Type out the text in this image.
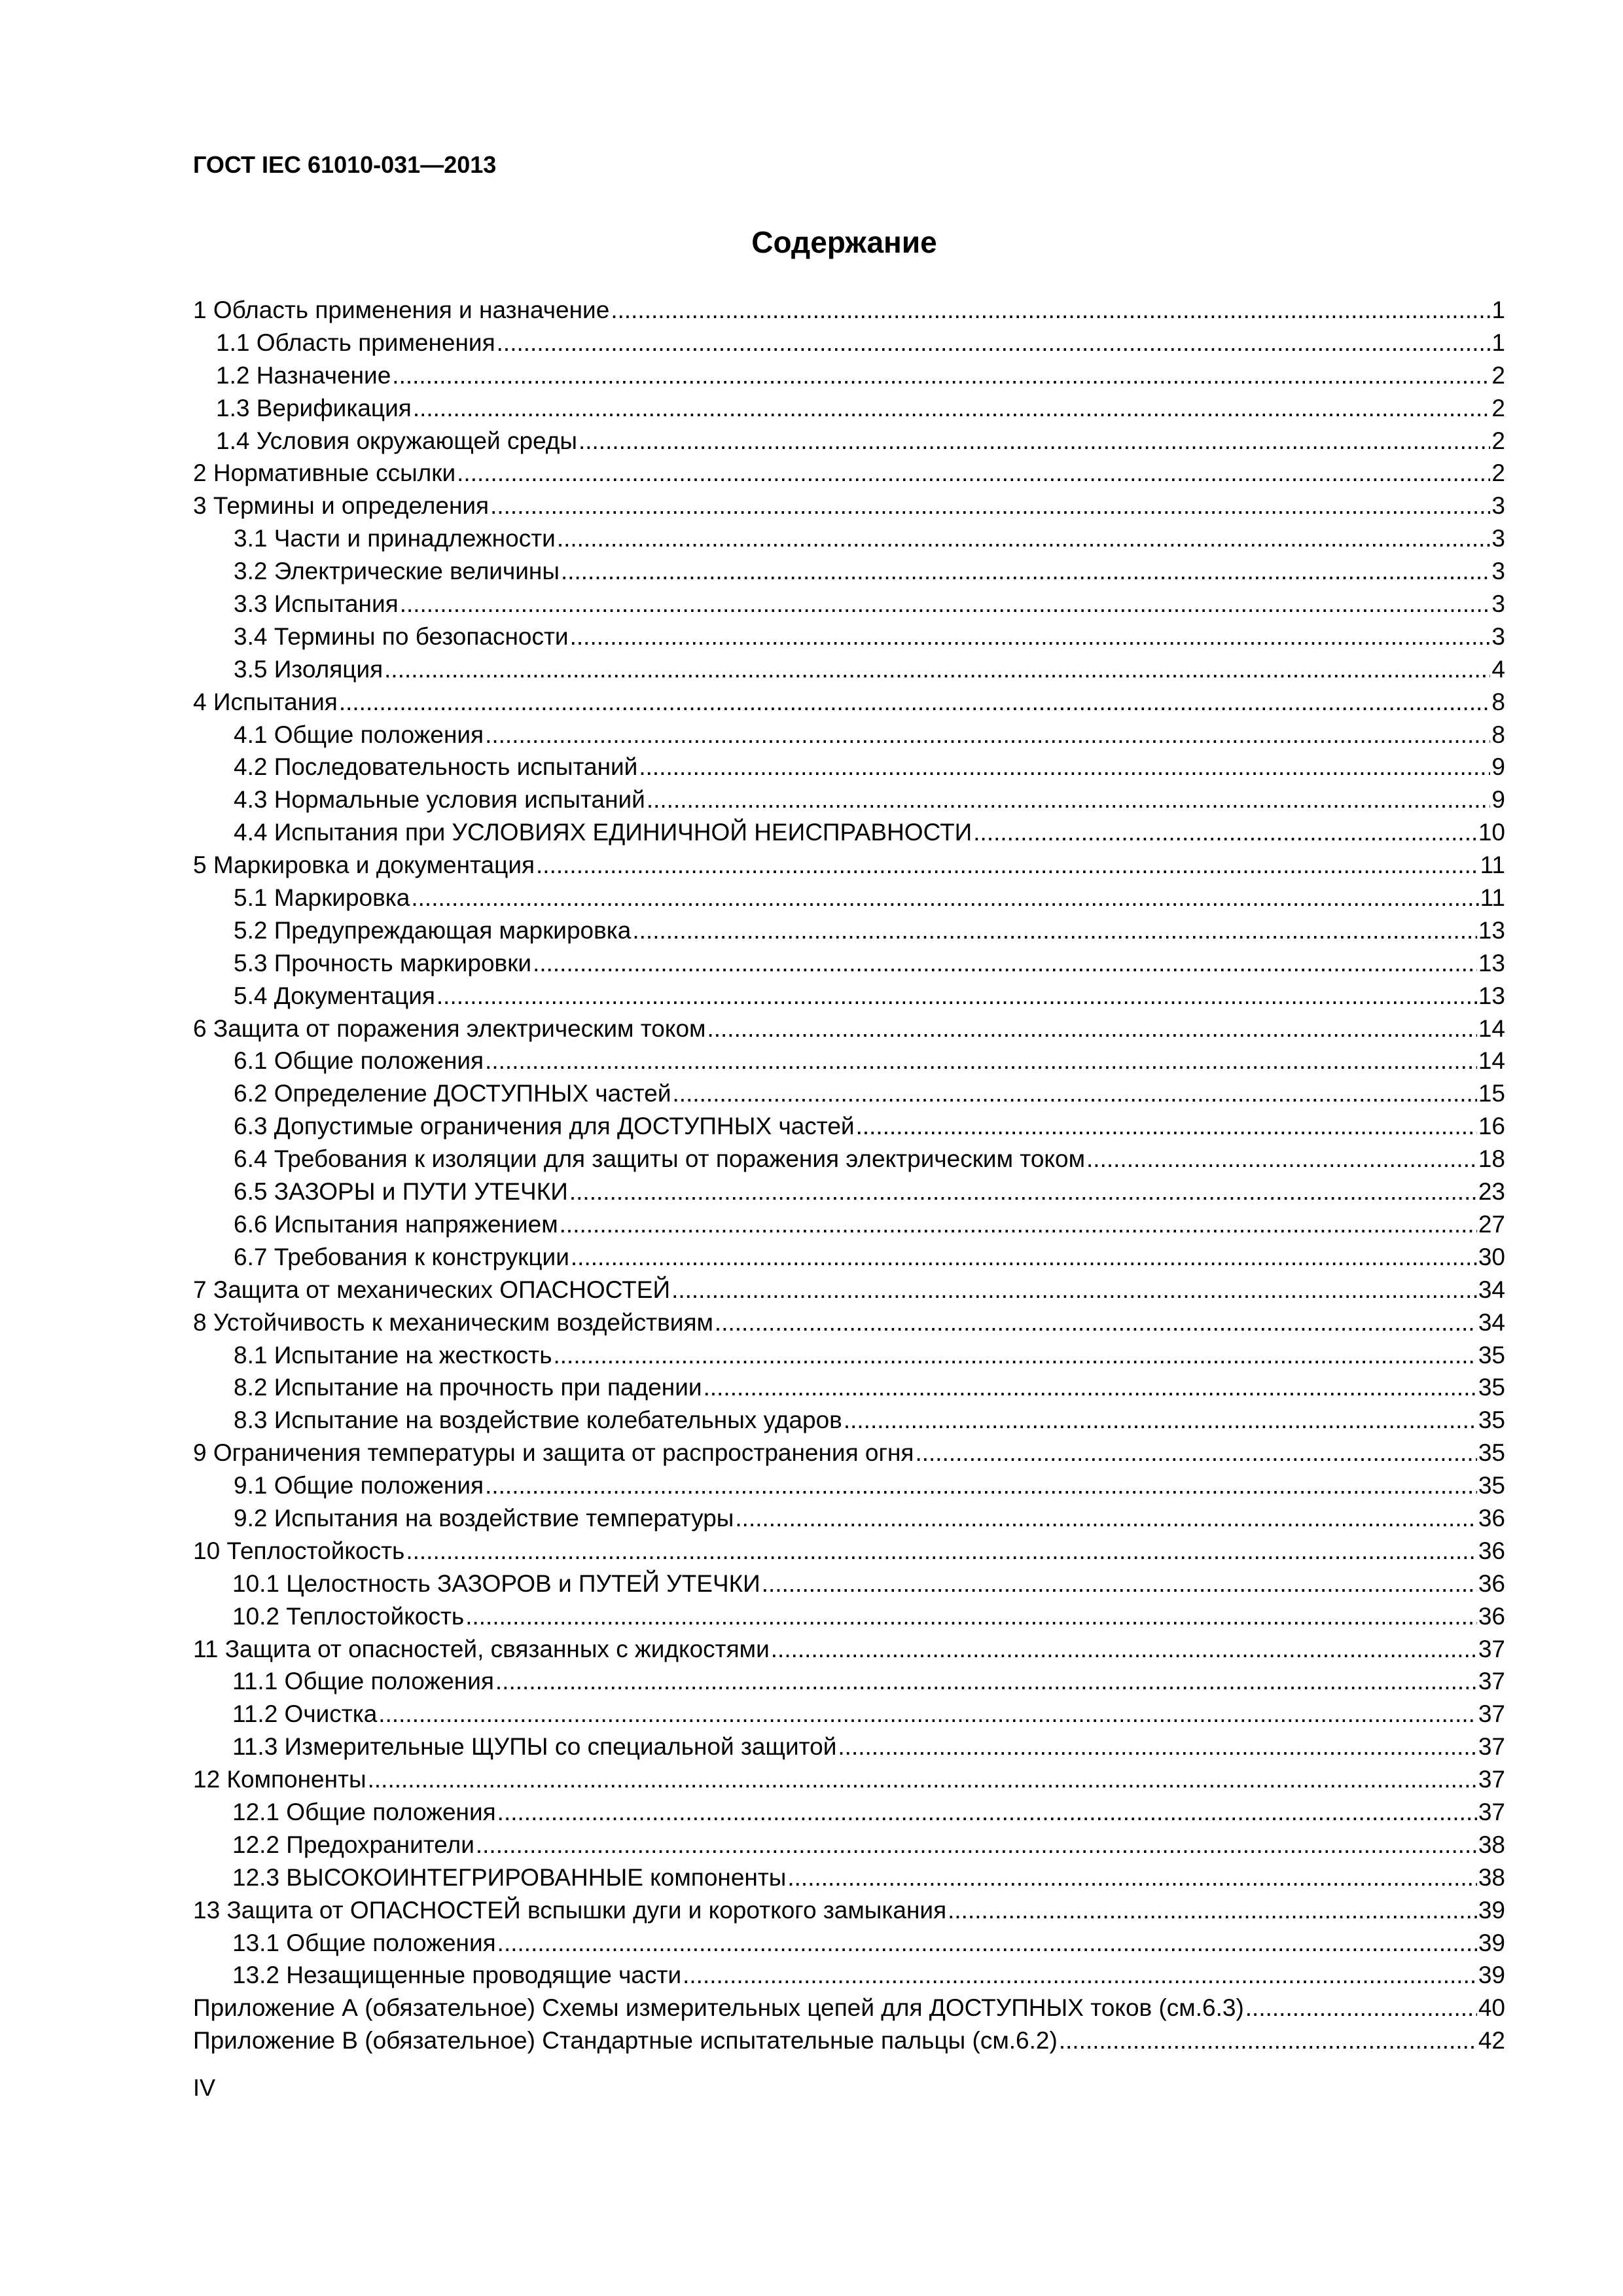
ГОСТ IEC 61010-031—2013
Содержание
1 Область применения и назначение .....	1
1.1 Область применения .....	1
1.2 Назначение .....	2
1.3 Верификация .....	2
1.4 Условия окружающей среды .....	2
2 Нормативные ссылки .....	2
3 Термины и определения .....	3
3.1 Части и принадлежности .....	3
3.2 Электрические величины .....	3
3.3 Испытания .....	3
3.4 Термины по безопасности .....	3
3.5 Изоляция .....	4
4 Испытания .....	8
4.1 Общие положения .....	8
4.2 Последовательность испытаний .....	9
4.3 Нормальные условия испытаний .....	9
4.4 Испытания при УСЛОВИЯХ ЕДИНИЧНОЙ НЕИСПРАВНОСТИ .....	10
5 Маркировка и документация .....	11
5.1 Маркировка .....	11
5.2 Предупреждающая маркировка .....	13
5.3 Прочность маркировки .....	13
5.4 Документация .....	13
6 Защита от поражения электрическим током .....	14
6.1 Общие положения .....	14
6.2 Определение ДОСТУПНЫХ частей .....	15
6.3 Допустимые ограничения для ДОСТУПНЫХ частей .....	16
6.4 Требования к изоляции для защиты от поражения электрическим током .....	18
6.5 ЗАЗОРЫ и ПУТИ УТЕЧКИ .....	23
6.6 Испытания напряжением .....	27
6.7 Требования к конструкции .....	30
7 Защита от механических ОПАСНОСТЕЙ .....	34
8 Устойчивость к механическим воздействиям .....	34
8.1 Испытание на жесткость .....	35
8.2 Испытание на прочность при падении .....	35
8.3 Испытание на воздействие колебательных ударов .....	35
9 Ограничения температуры и защита от распространения огня .....	35
9.1 Общие положения .....	35
9.2 Испытания на воздействие температуры .....	36
10 Теплостойкость .....	36
10.1 Целостность ЗАЗОРОВ и ПУТЕЙ УТЕЧКИ .....	36
10.2 Теплостойкость .....	36
11 Защита от опасностей, связанных с жидкостями .....	37
11.1 Общие положения .....	37
11.2 Очистка .....	37
11.3 Измерительные ЩУПЫ со специальной защитой .....	37
12 Компоненты .....	37
12.1 Общие положения .....	37
12.2 Предохранители .....	38
12.3 ВЫСОКОИНТЕГРИРОВАННЫЕ компоненты .....	38
13 Защита от ОПАСНОСТЕЙ вспышки дуги и короткого замыкания .....	39
13.1 Общие положения .....	39
13.2 Незащищенные проводящие части .....	39
Приложение А (обязательное) Схемы измерительных цепей для ДОСТУПНЫХ токов (см.6.3) .....	40
Приложение В (обязательное) Стандартные испытательные пальцы (см.6.2) .....	42
IV
